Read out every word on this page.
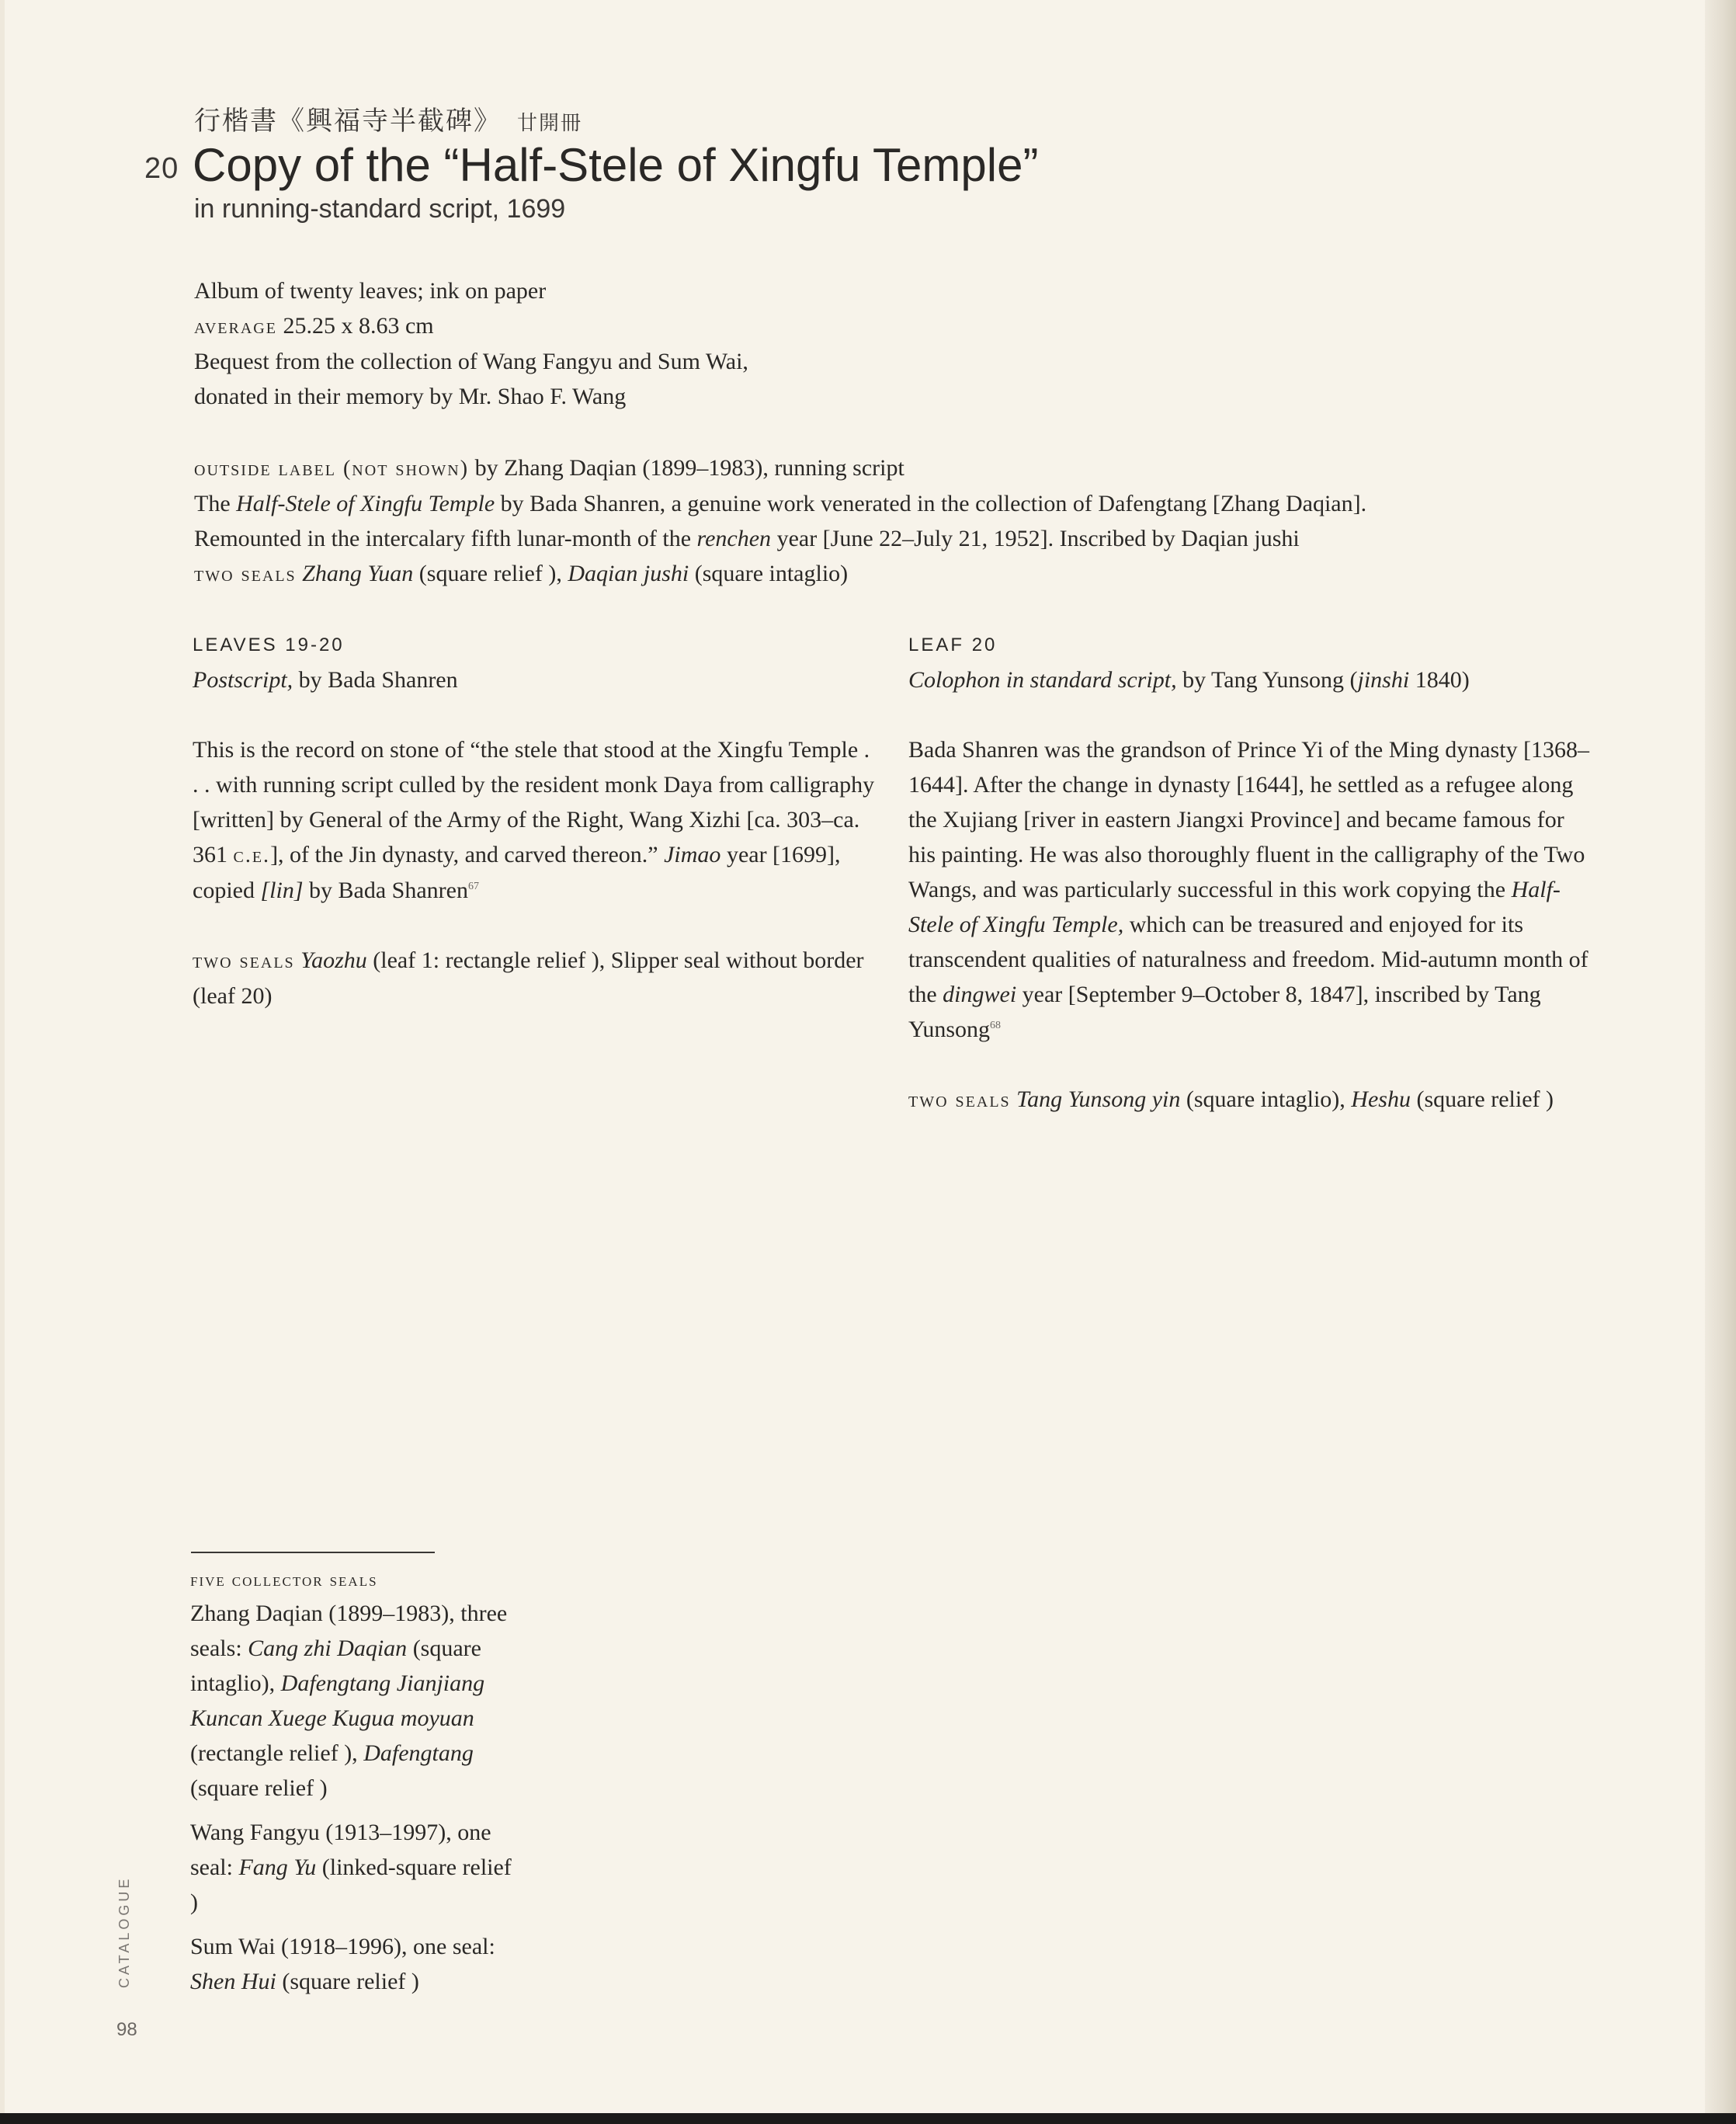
行楷書《興福寺半截碑》 廿開冊
20 Copy of the “Half-Stele of Xingfu Temple”
in running-standard script, 1699
Album of twenty leaves; ink on paper
average 25.25 x 8.63 cm
Bequest from the collection of Wang Fangyu and Sum Wai,
donated in their memory by Mr. Shao F. Wang
outside label (not shown) by Zhang Daqian (1899–1983), running script
The Half-Stele of Xingfu Temple by Bada Shanren, a genuine work venerated in the collection of Dafengtang [Zhang Daqian].
Remounted in the intercalary fifth lunar-month of the renchen year [June 22–July 21, 1952]. Inscribed by Daqian jushi
two seals Zhang Yuan (square relief ), Daqian jushi (square intaglio)
LEAVES 19-20
Postscript, by Bada Shanren

This is the record on stone of “the stele that stood at the Xingfu Temple . . . with running script culled by the resident monk Daya from calligraphy [written] by General of the Army of the Right, Wang Xizhi [ca. 303–ca. 361 c.e.], of the Jin dynasty, and carved thereon.” Jimao year [1699], copied [lin] by Bada Shanren$^{67}$

two seals Yaozhu (leaf 1: rectangle relief ), Slipper seal without border (leaf 20)

LEAF 20
Colophon in standard script, by Tang Yunsong (jinshi 1840)

Bada Shanren was the grandson of Prince Yi of the Ming dynasty [1368–1644]. After the change in dynasty [1644], he settled as a refugee along the Xujiang [river in eastern Jiangxi Province] and became famous for his painting. He was also thoroughly fluent in the calligraphy of the Two Wangs, and was particularly successful in this work copying the Half-Stele of Xingfu Temple, which can be treasured and enjoyed for its transcendent qualities of naturalness and freedom. Mid-autumn month of the dingwei year [September 9–October 8, 1847], inscribed by Tang Yunsong$^{68}$

two seals Tang Yunsong yin (square intaglio), Heshu (square relief )

five collector seals

Zhang Daqian (1899–1983), three seals: Cang zhi Daqian (square intaglio), Dafengtang Jianjiang Kuncan Xuege Kugua moyuan (rectangle relief ), Dafengtang (square relief )

Wang Fangyu (1913–1997), one seal: Fang Yu (linked-square relief )

Sum Wai (1918–1996), one seal: Shen Hui (square relief )

CATALOGUE
98
